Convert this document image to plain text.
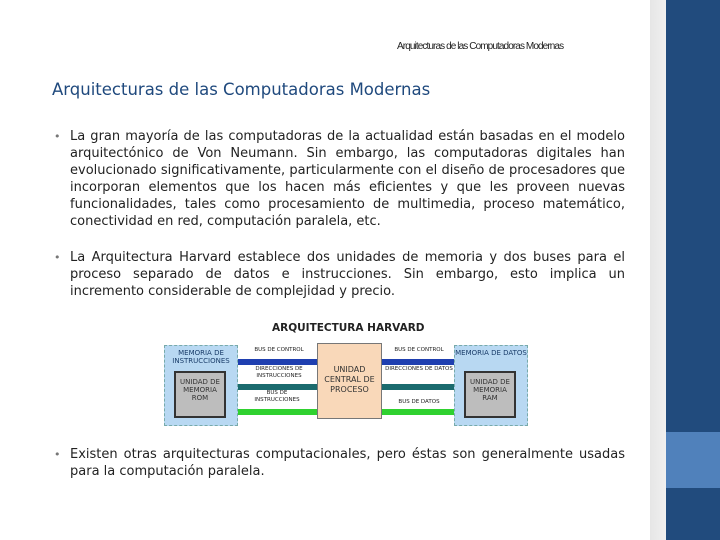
Arquitecturas de las Computadoras Modernas
Arquitecturas de las Computadoras Modernas
• La gran mayoría de las computadoras de la actualidad están basadas en el modelo arquitectónico de Von Neumann. Sin embargo, las computadoras digitales han evolucionado significativamente, particularmente con el diseño de procesadores que incorporan elementos que los hacen más eficientes y que les proveen nuevas funcionalidades, tales como procesamiento de multimedia, proceso matemático, conectividad en red, computación paralela, etc.
• La Arquitectura Harvard establece dos unidades de memoria y dos buses para el proceso separado de datos e instrucciones. Sin embargo, esto implica un incremento considerable de complejidad y precio.
• Existen otras arquitecturas computacionales, pero éstas son generalmente usadas para la computación paralela.
ARQUITECTURA HARVARD
MEMORIA DE INSTRUCCIONES
UNIDAD DE MEMORIA ROM
MEMORIA DE DATOS
UNIDAD DE MEMORIA RAM
UNIDAD CENTRAL DE PROCESO
BUS DE CONTROL	BUS DE CONTROL
DIRECCIONES DE INSTRUCCIONES
DIRECCIONES DE DATOS
BUS DE INSTRUCCIONES	BUS DE DATOS
